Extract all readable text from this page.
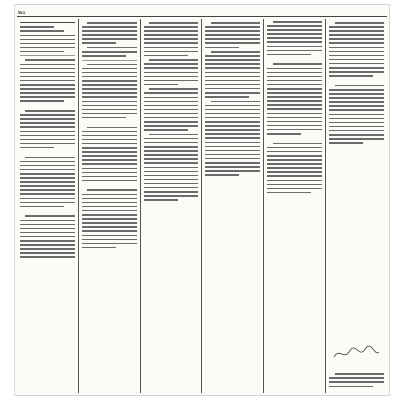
๒๐
